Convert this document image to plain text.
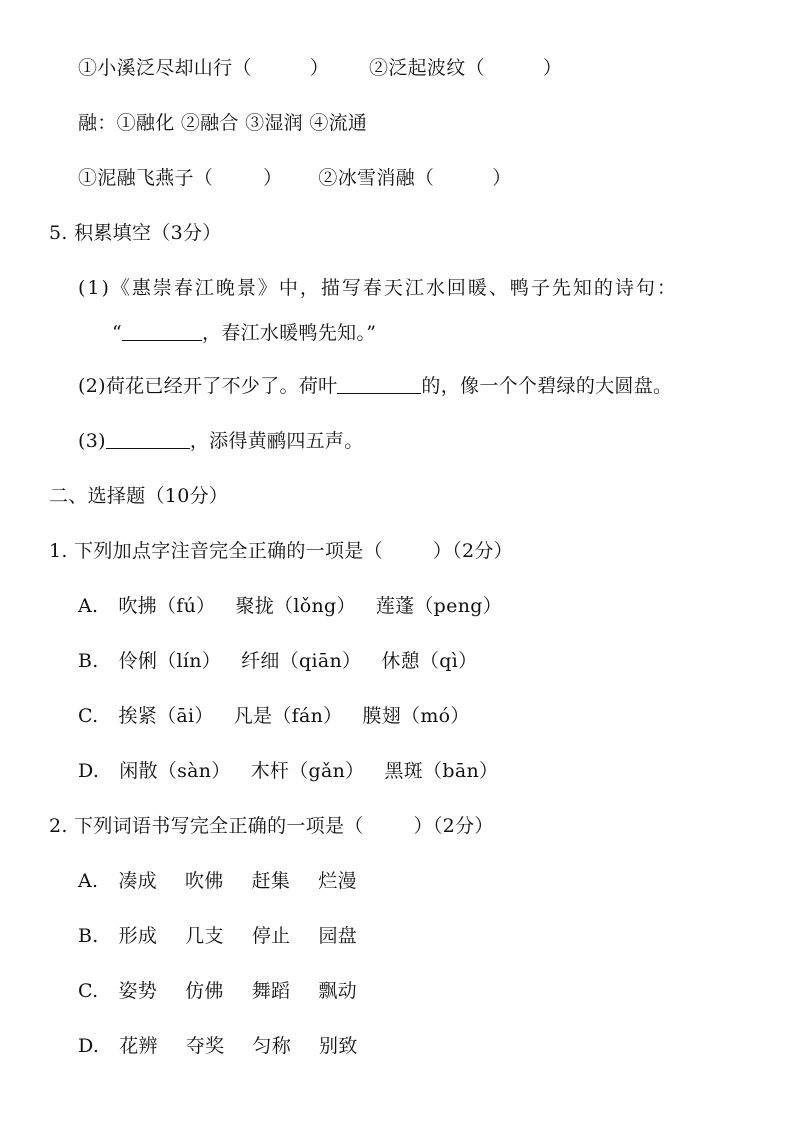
①小溪泛尽却山行（	） ②泛起波纹（	）
融：①融化 ②融合 ③湿润 ④流通
①泥融飞燕子（	） ②冰雪消融（	）
5. 积累填空（3分）
(1)《惠崇春江晚景》中，描写春天江水回暖、鸭子先知的诗句：
“	，春江水暖鸭先知。”
(2)荷花已经开了不少了。荷叶	的，像一个个碧绿的大圆盘。
(3)	，添得黄鹂四五声。
二、选择题（10分）
1. 下列加点字注音完全正确的一项是（	）（2分）
A. 吹拂（fú） 聚拢（lǒng） 莲蓬（peng）
B. 伶俐（lín） 纤细（qiān） 休憩（qì）
C. 挨紧（āi） 凡是（fán） 膜翅（mó）
D. 闲散（sàn） 木杆（gǎn） 黑斑（bān）
2. 下列词语书写完全正确的一项是（	）（2分）
A. 凑成 吹佛 赶集 烂漫
B. 形成 几支 停止 园盘
C. 姿势 仿佛 舞蹈 飘动
D. 花辨 夺奖 匀称 别致
